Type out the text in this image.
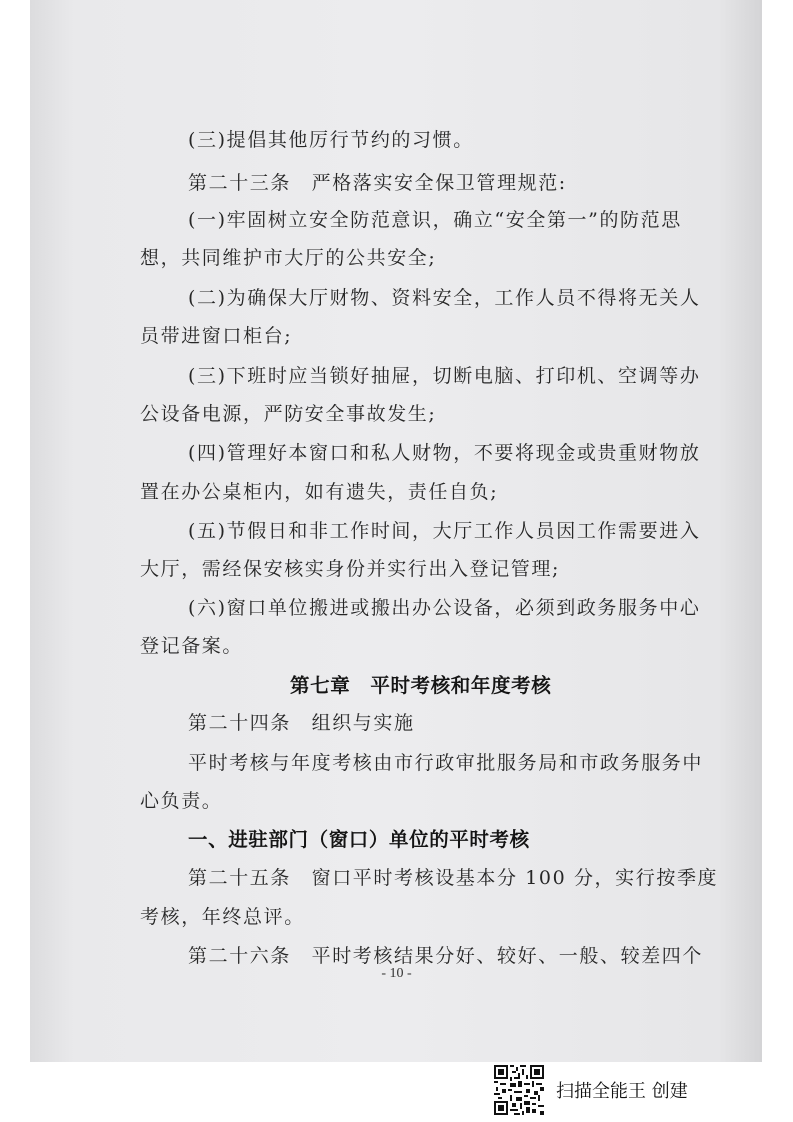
(三)提倡其他厉行节约的习惯。
第二十三条　严格落实安全保卫管理规范:
(一)牢固树立安全防范意识，确立“安全第一”的防范思
想，共同维护市大厅的公共安全;
(二)为确保大厅财物、资料安全，工作人员不得将无关人
员带进窗口柜台;
(三)下班时应当锁好抽屉，切断电脑、打印机、空调等办
公设备电源，严防安全事故发生;
(四)管理好本窗口和私人财物，不要将现金或贵重财物放
置在办公桌柜内，如有遗失，责任自负;
(五)节假日和非工作时间，大厅工作人员因工作需要进入
大厅，需经保安核实身份并实行出入登记管理;
(六)窗口单位搬进或搬出办公设备，必须到政务服务中心
登记备案。
第七章　平时考核和年度考核
第二十四条　组织与实施
平时考核与年度考核由市行政审批服务局和市政务服务中
心负责。
一、进驻部门（窗口）单位的平时考核
第二十五条　窗口平时考核设基本分 100 分，实行按季度
考核，年终总评。
第二十六条　平时考核结果分好、较好、一般、较差四个
- 10 -
扫描全能王 创建
